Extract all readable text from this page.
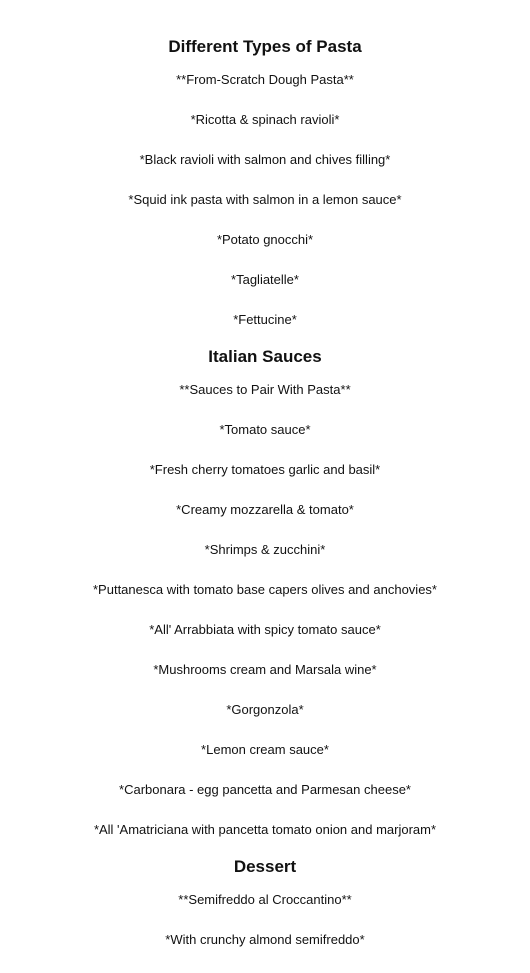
Different Types of Pasta
**From-Scratch Dough Pasta**
*Ricotta & spinach ravioli*
*Black ravioli with salmon and chives filling*
*Squid ink pasta with salmon in a lemon sauce*
*Potato gnocchi*
*Tagliatelle*
*Fettucine*
Italian Sauces
**Sauces to Pair With Pasta**
*Tomato sauce*
*Fresh cherry tomatoes garlic and basil*
*Creamy mozzarella & tomato*
*Shrimps & zucchini*
*Puttanesca with tomato base capers olives and anchovies*
*All' Arrabbiata with spicy tomato sauce*
*Mushrooms cream and Marsala wine*
*Gorgonzola*
*Lemon cream sauce*
*Carbonara - egg pancetta and Parmesan cheese*
*All 'Amatriciana with pancetta tomato onion and marjoram*
Dessert
**Semifreddo al Croccantino**
*With crunchy almond semifreddo*
